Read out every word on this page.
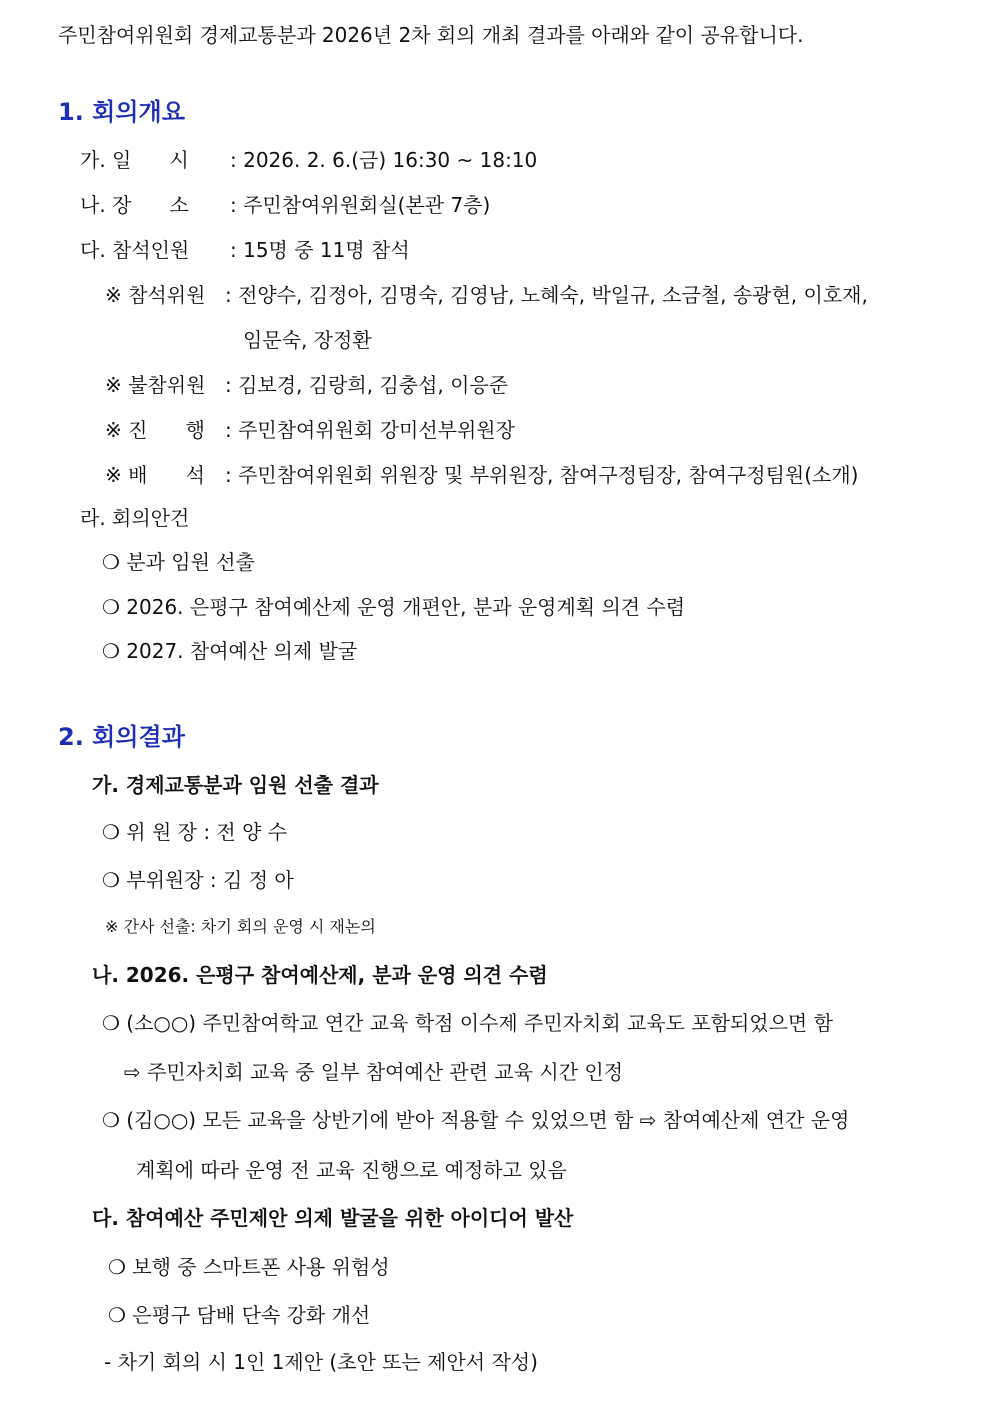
주민참여위원회 경제교통분과 2026년 2차 회의 개최 결과를 아래와 같이 공유합니다.
1. 회의개요
가. 일      시 : 2026. 2. 6.(금) 16:30 ~ 18:10
나. 장      소 : 주민참여위원회실(본관 7층)
다. 참석인원 : 15명 중 11명 참석
※ 참석위원 : 전양수, 김정아, 김명숙, 김영남, 노혜숙, 박일규, 소금철, 송광현, 이호재,
임문숙, 장정환
※ 불참위원 : 김보경, 김랑희, 김충섭, 이응준
※ 진      행 : 주민참여위원회 강미선부위원장
※ 배      석 : 주민참여위원회 위원장 및 부위원장, 참여구정팀장, 참여구정팀원(소개)
라. 회의안건
❍ 분과 임원 선출
❍ 2026. 은평구 참여예산제 운영 개편안, 분과 운영계획 의견 수렴
❍ 2027. 참여예산 의제 발굴
2. 회의결과
가. 경제교통분과 임원 선출 결과
❍ 위 원 장 : 전 양 수
❍ 부위원장 : 김 정 아
※ 간사 선출: 차기 회의 운영 시 재논의
나. 2026. 은평구 참여예산제, 분과 운영 의견 수렴
❍ (소○○) 주민참여학교 연간 교육 학점 이수제 주민자치회 교육도 포함되었으면 함
⇨ 주민자치회 교육 중 일부 참여예산 관련 교육 시간 인정
❍ (김○○) 모든 교육을 상반기에 받아 적용할 수 있었으면 함 ⇨ 참여예산제 연간 운영
계획에 따라 운영 전 교육 진행으로 예정하고 있음
다. 참여예산 주민제안 의제 발굴을 위한 아이디어 발산
❍ 보행 중 스마트폰 사용 위험성
❍ 은평구 담배 단속 강화 개선
- 차기 회의 시 1인 1제안 (초안 또는 제안서 작성)
